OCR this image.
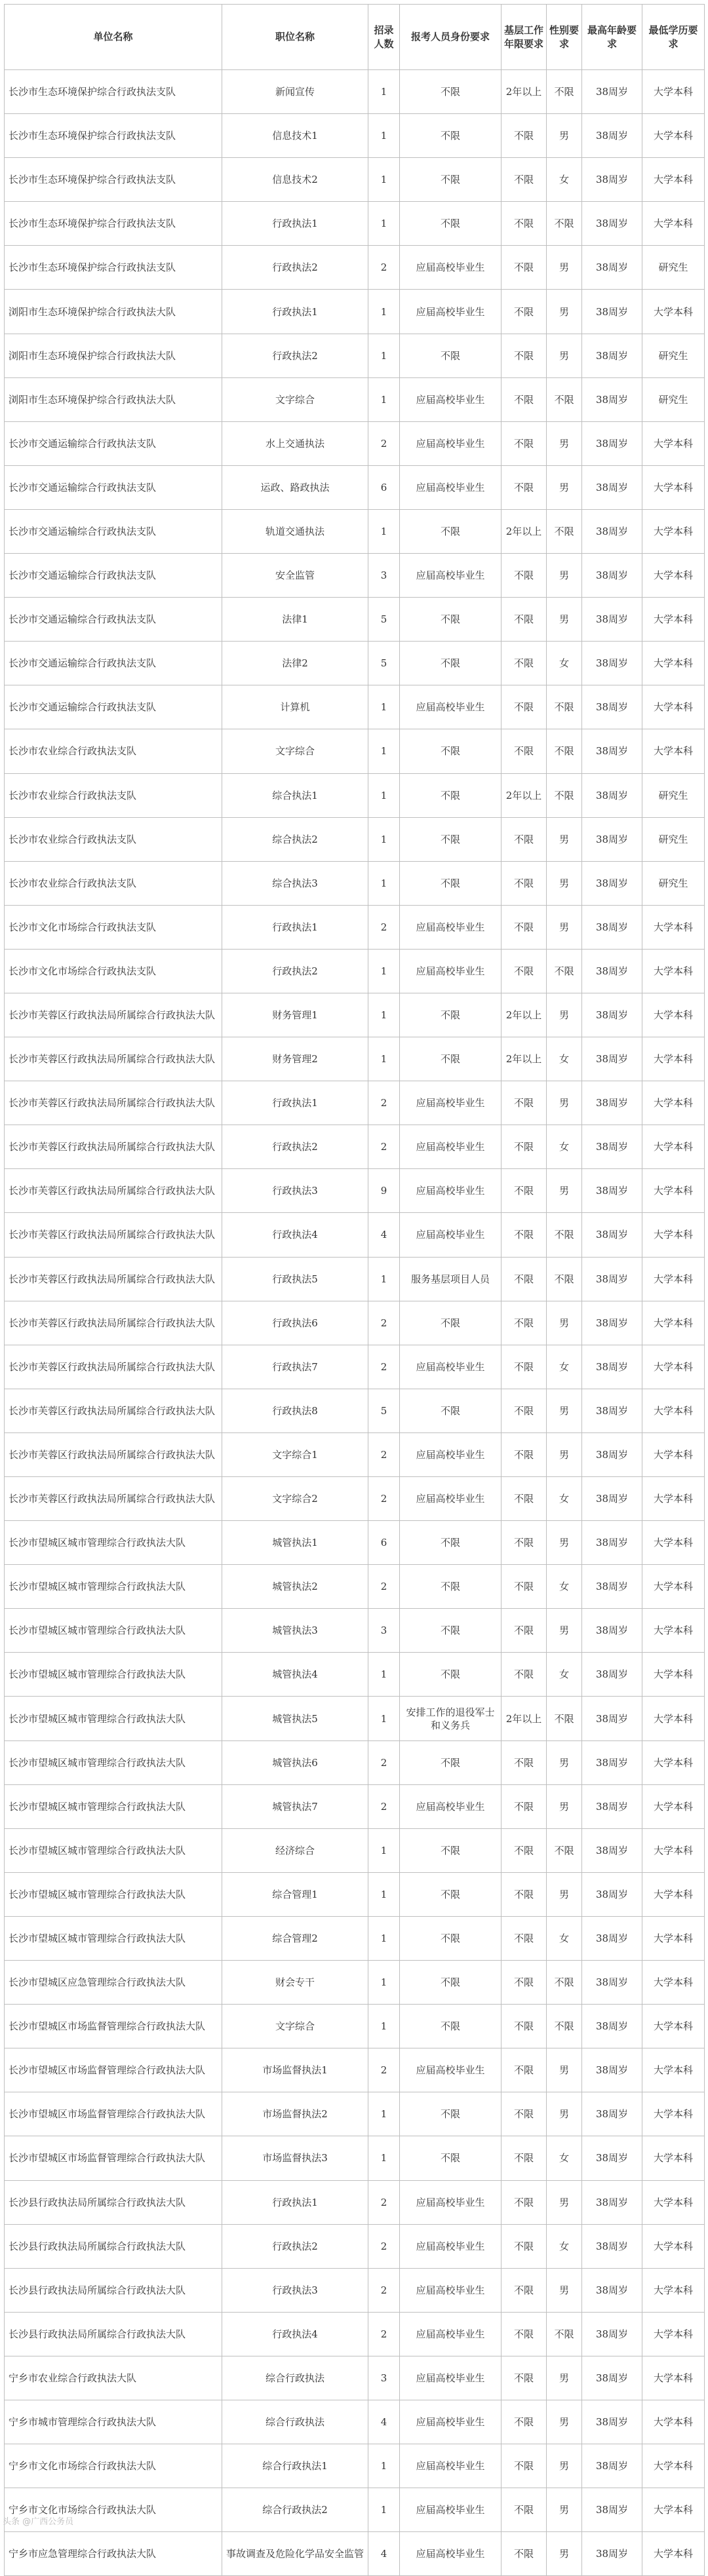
单位名称	职位名称	招录人数	报考人员身份要求	基层工作年限要求	性别要求	最高年龄要求	最低学历要求
长沙市生态环境保护综合行政执法支队	新闻宣传	1	不限	2年以上	不限	38周岁	大学本科
长沙市生态环境保护综合行政执法支队	信息技术1	1	不限	不限	男	38周岁	大学本科
长沙市生态环境保护综合行政执法支队	信息技术2	1	不限	不限	女	38周岁	大学本科
长沙市生态环境保护综合行政执法支队	行政执法1	1	不限	不限	不限	38周岁	大学本科
长沙市生态环境保护综合行政执法支队	行政执法2	2	应届高校毕业生	不限	男	38周岁	研究生
浏阳市生态环境保护综合行政执法大队	行政执法1	1	应届高校毕业生	不限	男	38周岁	大学本科
浏阳市生态环境保护综合行政执法大队	行政执法2	1	不限	不限	男	38周岁	研究生
浏阳市生态环境保护综合行政执法大队	文字综合	1	应届高校毕业生	不限	不限	38周岁	研究生
长沙市交通运输综合行政执法支队	水上交通执法	2	应届高校毕业生	不限	男	38周岁	大学本科
长沙市交通运输综合行政执法支队	运政、路政执法	6	应届高校毕业生	不限	男	38周岁	大学本科
长沙市交通运输综合行政执法支队	轨道交通执法	1	不限	2年以上	不限	38周岁	大学本科
长沙市交通运输综合行政执法支队	安全监管	3	应届高校毕业生	不限	男	38周岁	大学本科
长沙市交通运输综合行政执法支队	法律1	5	不限	不限	男	38周岁	大学本科
长沙市交通运输综合行政执法支队	法律2	5	不限	不限	女	38周岁	大学本科
长沙市交通运输综合行政执法支队	计算机	1	应届高校毕业生	不限	不限	38周岁	大学本科
长沙市农业综合行政执法支队	文字综合	1	不限	不限	不限	38周岁	大学本科
长沙市农业综合行政执法支队	综合执法1	1	不限	2年以上	不限	38周岁	研究生
长沙市农业综合行政执法支队	综合执法2	1	不限	不限	男	38周岁	研究生
长沙市农业综合行政执法支队	综合执法3	1	不限	不限	男	38周岁	研究生
长沙市文化市场综合行政执法支队	行政执法1	2	应届高校毕业生	不限	男	38周岁	大学本科
长沙市文化市场综合行政执法支队	行政执法2	1	应届高校毕业生	不限	不限	38周岁	大学本科
长沙市芙蓉区行政执法局所属综合行政执法大队	财务管理1	1	不限	2年以上	男	38周岁	大学本科
长沙市芙蓉区行政执法局所属综合行政执法大队	财务管理2	1	不限	2年以上	女	38周岁	大学本科
长沙市芙蓉区行政执法局所属综合行政执法大队	行政执法1	2	应届高校毕业生	不限	男	38周岁	大学本科
长沙市芙蓉区行政执法局所属综合行政执法大队	行政执法2	2	应届高校毕业生	不限	女	38周岁	大学本科
长沙市芙蓉区行政执法局所属综合行政执法大队	行政执法3	9	应届高校毕业生	不限	男	38周岁	大学本科
长沙市芙蓉区行政执法局所属综合行政执法大队	行政执法4	4	应届高校毕业生	不限	不限	38周岁	大学本科
长沙市芙蓉区行政执法局所属综合行政执法大队	行政执法5	1	服务基层项目人员	不限	不限	38周岁	大学本科
长沙市芙蓉区行政执法局所属综合行政执法大队	行政执法6	2	不限	不限	男	38周岁	大学本科
长沙市芙蓉区行政执法局所属综合行政执法大队	行政执法7	2	应届高校毕业生	不限	女	38周岁	大学本科
长沙市芙蓉区行政执法局所属综合行政执法大队	行政执法8	5	不限	不限	男	38周岁	大学本科
长沙市芙蓉区行政执法局所属综合行政执法大队	文字综合1	2	应届高校毕业生	不限	男	38周岁	大学本科
长沙市芙蓉区行政执法局所属综合行政执法大队	文字综合2	2	应届高校毕业生	不限	女	38周岁	大学本科
长沙市望城区城市管理综合行政执法大队	城管执法1	6	不限	不限	男	38周岁	大学本科
长沙市望城区城市管理综合行政执法大队	城管执法2	2	不限	不限	女	38周岁	大学本科
长沙市望城区城市管理综合行政执法大队	城管执法3	3	不限	不限	男	38周岁	大学本科
长沙市望城区城市管理综合行政执法大队	城管执法4	1	不限	不限	女	38周岁	大学本科
长沙市望城区城市管理综合行政执法大队	城管执法5	1	安排工作的退役军士和义务兵	2年以上	不限	38周岁	大学本科
长沙市望城区城市管理综合行政执法大队	城管执法6	2	不限	不限	男	38周岁	大学本科
长沙市望城区城市管理综合行政执法大队	城管执法7	2	应届高校毕业生	不限	男	38周岁	大学本科
长沙市望城区城市管理综合行政执法大队	经济综合	1	不限	不限	不限	38周岁	大学本科
长沙市望城区城市管理综合行政执法大队	综合管理1	1	不限	不限	男	38周岁	大学本科
长沙市望城区城市管理综合行政执法大队	综合管理2	1	不限	不限	女	38周岁	大学本科
长沙市望城区应急管理综合行政执法大队	财会专干	1	不限	不限	不限	38周岁	大学本科
长沙市望城区市场监督管理综合行政执法大队	文字综合	1	不限	不限	不限	38周岁	大学本科
长沙市望城区市场监督管理综合行政执法大队	市场监督执法1	2	应届高校毕业生	不限	男	38周岁	大学本科
长沙市望城区市场监督管理综合行政执法大队	市场监督执法2	1	不限	不限	男	38周岁	大学本科
长沙市望城区市场监督管理综合行政执法大队	市场监督执法3	1	不限	不限	女	38周岁	大学本科
长沙县行政执法局所属综合行政执法大队	行政执法1	2	应届高校毕业生	不限	男	38周岁	大学本科
长沙县行政执法局所属综合行政执法大队	行政执法2	2	应届高校毕业生	不限	女	38周岁	大学本科
长沙县行政执法局所属综合行政执法大队	行政执法3	2	应届高校毕业生	不限	男	38周岁	大学本科
长沙县行政执法局所属综合行政执法大队	行政执法4	2	应届高校毕业生	不限	不限	38周岁	大学本科
宁乡市农业综合行政执法大队	综合行政执法	3	应届高校毕业生	不限	男	38周岁	大学本科
宁乡市城市管理综合行政执法大队	综合行政执法	4	应届高校毕业生	不限	男	38周岁	大学本科
宁乡市文化市场综合行政执法大队	综合行政执法1	1	应届高校毕业生	不限	男	38周岁	大学本科
宁乡市文化市场综合行政执法大队	综合行政执法2	1	应届高校毕业生	不限	男	38周岁	大学本科
宁乡市应急管理综合行政执法大队	事故调查及危险化学品安全监管	4	应届高校毕业生	不限	男	38周岁	大学本科
头条 @广西公务员
